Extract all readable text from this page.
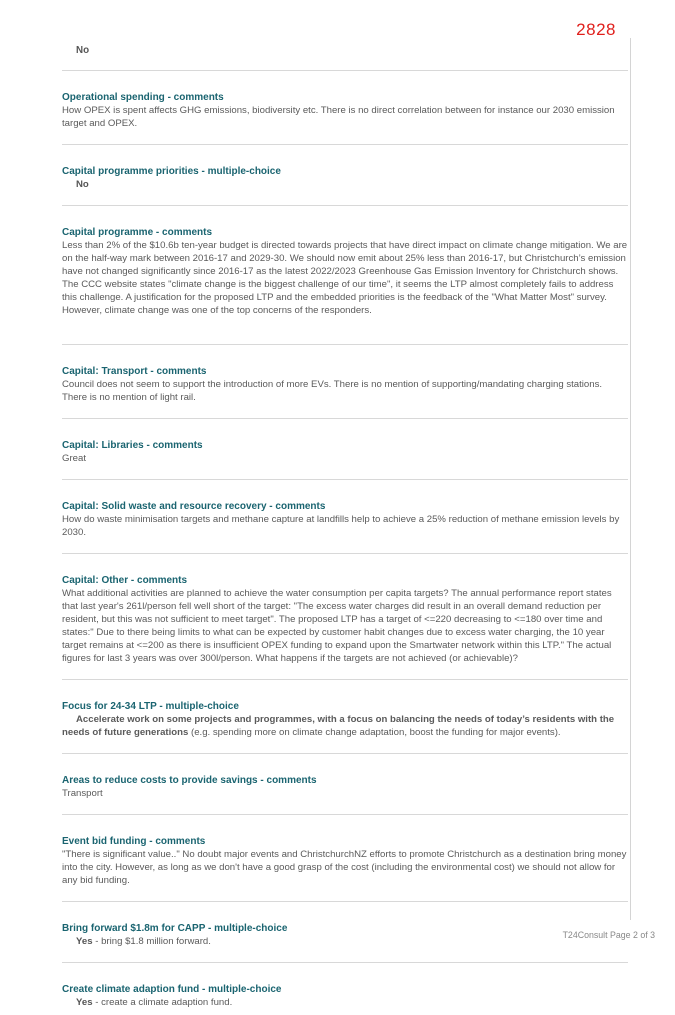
2828
No
Operational spending - comments
How OPEX is spent affects GHG emissions, biodiversity etc. There is no direct correlation between for instance our 2030 emission target and OPEX.
Capital programme priorities - multiple-choice
No
Capital programme - comments
Less than 2% of the $10.6b ten-year budget is directed towards projects that have direct impact on climate change mitigation. We are on the half-way mark between 2016-17 and 2029-30. We should now emit about 25% less than 2016-17, but Christchurch’s emission have not changed significantly since 2016-17 as the latest 2022/2023 Greenhouse Gas Emission Inventory for Christchurch shows. The CCC website states "climate change is the biggest challenge of our time", it seems the LTP almost completely fails to address this challenge. A justification for the proposed LTP and the embedded priorities is the feedback of the "What Matter Most" survey. However, climate change was one of the top concerns of the responders.
Capital: Transport - comments
Council does not seem to support the introduction of more EVs. There is no mention of supporting/mandating charging stations. There is no mention of light rail.
Capital: Libraries - comments
Great
Capital: Solid waste and resource recovery - comments
How do waste minimisation targets and methane capture at landfills help to achieve a 25% reduction of methane emission levels by 2030.
Capital: Other - comments
What additional activities are planned to achieve the water consumption per capita targets? The annual performance report states that last year's 261l/person fell well short of the target: "The excess water charges did result in an overall demand reduction per resident, but this was not sufficient to meet target". The proposed LTP has a target of <=220 decreasing to <=180 over time and states:" Due to there being limits to what can be expected by customer habit changes due to excess water charging, the 10 year target remains at <=200 as there is insufficient OPEX funding to expand upon the Smartwater network within this LTP." The actual figures for last 3 years was over 300l/person. What happens if the targets are not achieved (or achievable)?
Focus for 24-34 LTP - multiple-choice
Accelerate work on some projects and programmes, with a focus on balancing the needs of today’s residents with the needs of future generations (e.g. spending more on climate change adaptation, boost the funding for major events).
Areas to reduce costs to provide savings - comments
Transport
Event bid funding - comments
"There is significant value.." No doubt major events and ChristchurchNZ efforts to promote Christchurch as a destination bring money into the city. However, as long as we don't have a good grasp of the cost (including the environmental cost) we should not allow for any bid funding.
Bring forward $1.8m for CAPP - multiple-choice
Yes - bring $1.8 million forward.
Create climate adaption fund - multiple-choice
Yes - create a climate adaption fund.
T24Consult Page 2 of 3
